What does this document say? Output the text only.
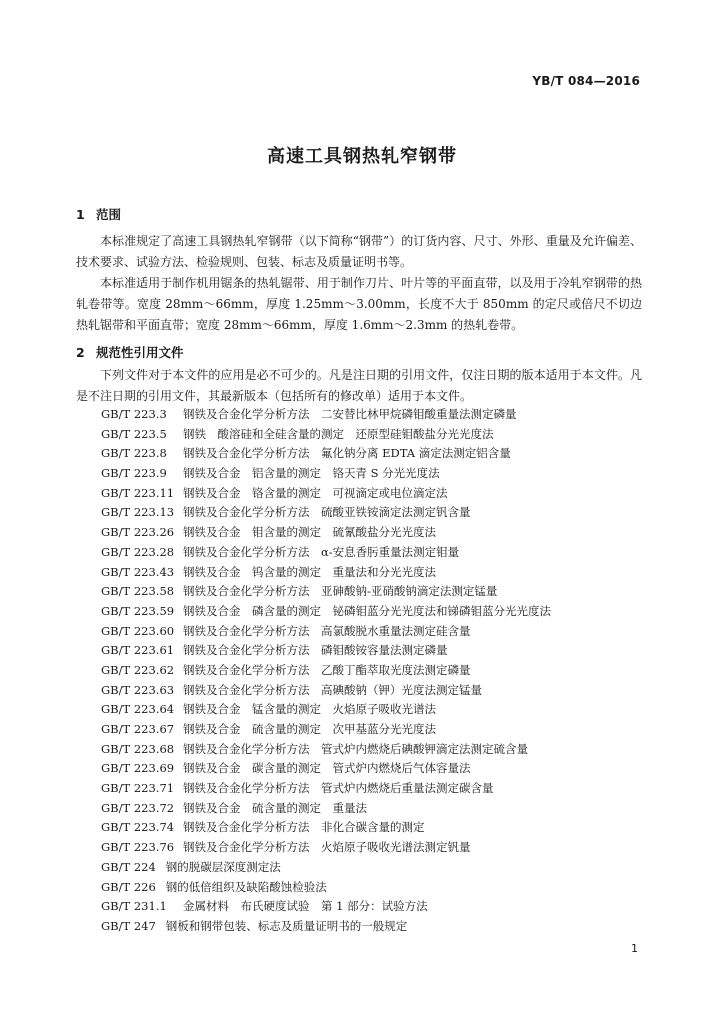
YB/T 084—2016
高速工具钢热轧窄钢带
1 范围

本标准规定了高速工具钢热轧窄钢带（以下简称“钢带”）的订货内容、尺寸、外形、重量及允许偏差、技术要求、试验方法、检验规则、包装、标志及质量证明书等。

本标准适用于制作机用锯条的热轧锯带、用于制作刀片、叶片等的平面直带，以及用于冷轧窄钢带的热轧卷带等。宽度 28mm～66mm，厚度 1.25mm～3.00mm，长度不大于 850mm 的定尺或倍尺不切边热轧锯带和平面直带；宽度 28mm～66mm，厚度 1.6mm～2.3mm 的热轧卷带。

2 规范性引用文件

下列文件对于本文件的应用是必不可少的。凡是注日期的引用文件，仅注日期的版本适用于本文件。凡是不注日期的引用文件，其最新版本（包括所有的修改单）适用于本文件。

GB/T 223.3 钢铁及合金化学分析方法　二安替比林甲烷磷钼酸重量法测定磷量
GB/T 223.5 钢铁　酸溶硅和全硅含量的测定　还原型硅钼酸盐分光光度法
GB/T 223.8 钢铁及合金化学分析方法　氟化钠分离 EDTA 滴定法测定铝含量
GB/T 223.9 钢铁及合金　铝含量的测定　铬天青 S 分光光度法
GB/T 223.11 钢铁及合金　铬含量的测定　可视滴定或电位滴定法
GB/T 223.13 钢铁及合金化学分析方法　硫酸亚铁铵滴定法测定钒含量
GB/T 223.26 钢铁及合金　钼含量的测定　硫氰酸盐分光光度法
GB/T 223.28 钢铁及合金化学分析方法　α-安息香肟重量法测定钼量
GB/T 223.43 钢铁及合金　钨含量的测定　重量法和分光光度法
GB/T 223.58 钢铁及合金化学分析方法　亚砷酸钠-亚硝酸钠滴定法测定锰量
GB/T 223.59 钢铁及合金　磷含量的测定　铋磷钼蓝分光光度法和锑磷钼蓝分光光度法
GB/T 223.60 钢铁及合金化学分析方法　高氯酸脱水重量法测定硅含量
GB/T 223.61 钢铁及合金化学分析方法　磷钼酸铵容量法测定磷量
GB/T 223.62 钢铁及合金化学分析方法　乙酸丁酯萃取光度法测定磷量
GB/T 223.63 钢铁及合金化学分析方法　高碘酸钠（钾）光度法测定锰量
GB/T 223.64 钢铁及合金　锰含量的测定　火焰原子吸收光谱法
GB/T 223.67 钢铁及合金　硫含量的测定　次甲基蓝分光光度法
GB/T 223.68 钢铁及合金化学分析方法　管式炉内燃烧后碘酸钾滴定法测定硫含量
GB/T 223.69 钢铁及合金　碳含量的测定　管式炉内燃烧后气体容量法
GB/T 223.71 钢铁及合金化学分析方法　管式炉内燃烧后重量法测定碳含量
GB/T 223.72 钢铁及合金　硫含量的测定　重量法
GB/T 223.74 钢铁及合金化学分析方法　非化合碳含量的测定
GB/T 223.76 钢铁及合金化学分析方法　火焰原子吸收光谱法测定钒量
GB/T 224 钢的脱碳层深度测定法
GB/T 226 钢的低倍组织及缺陷酸蚀检验法
GB/T 231.1 金属材料　布氏硬度试验　第 1 部分：试验方法
GB/T 247 钢板和钢带包装、标志及质量证明书的一般规定
1
